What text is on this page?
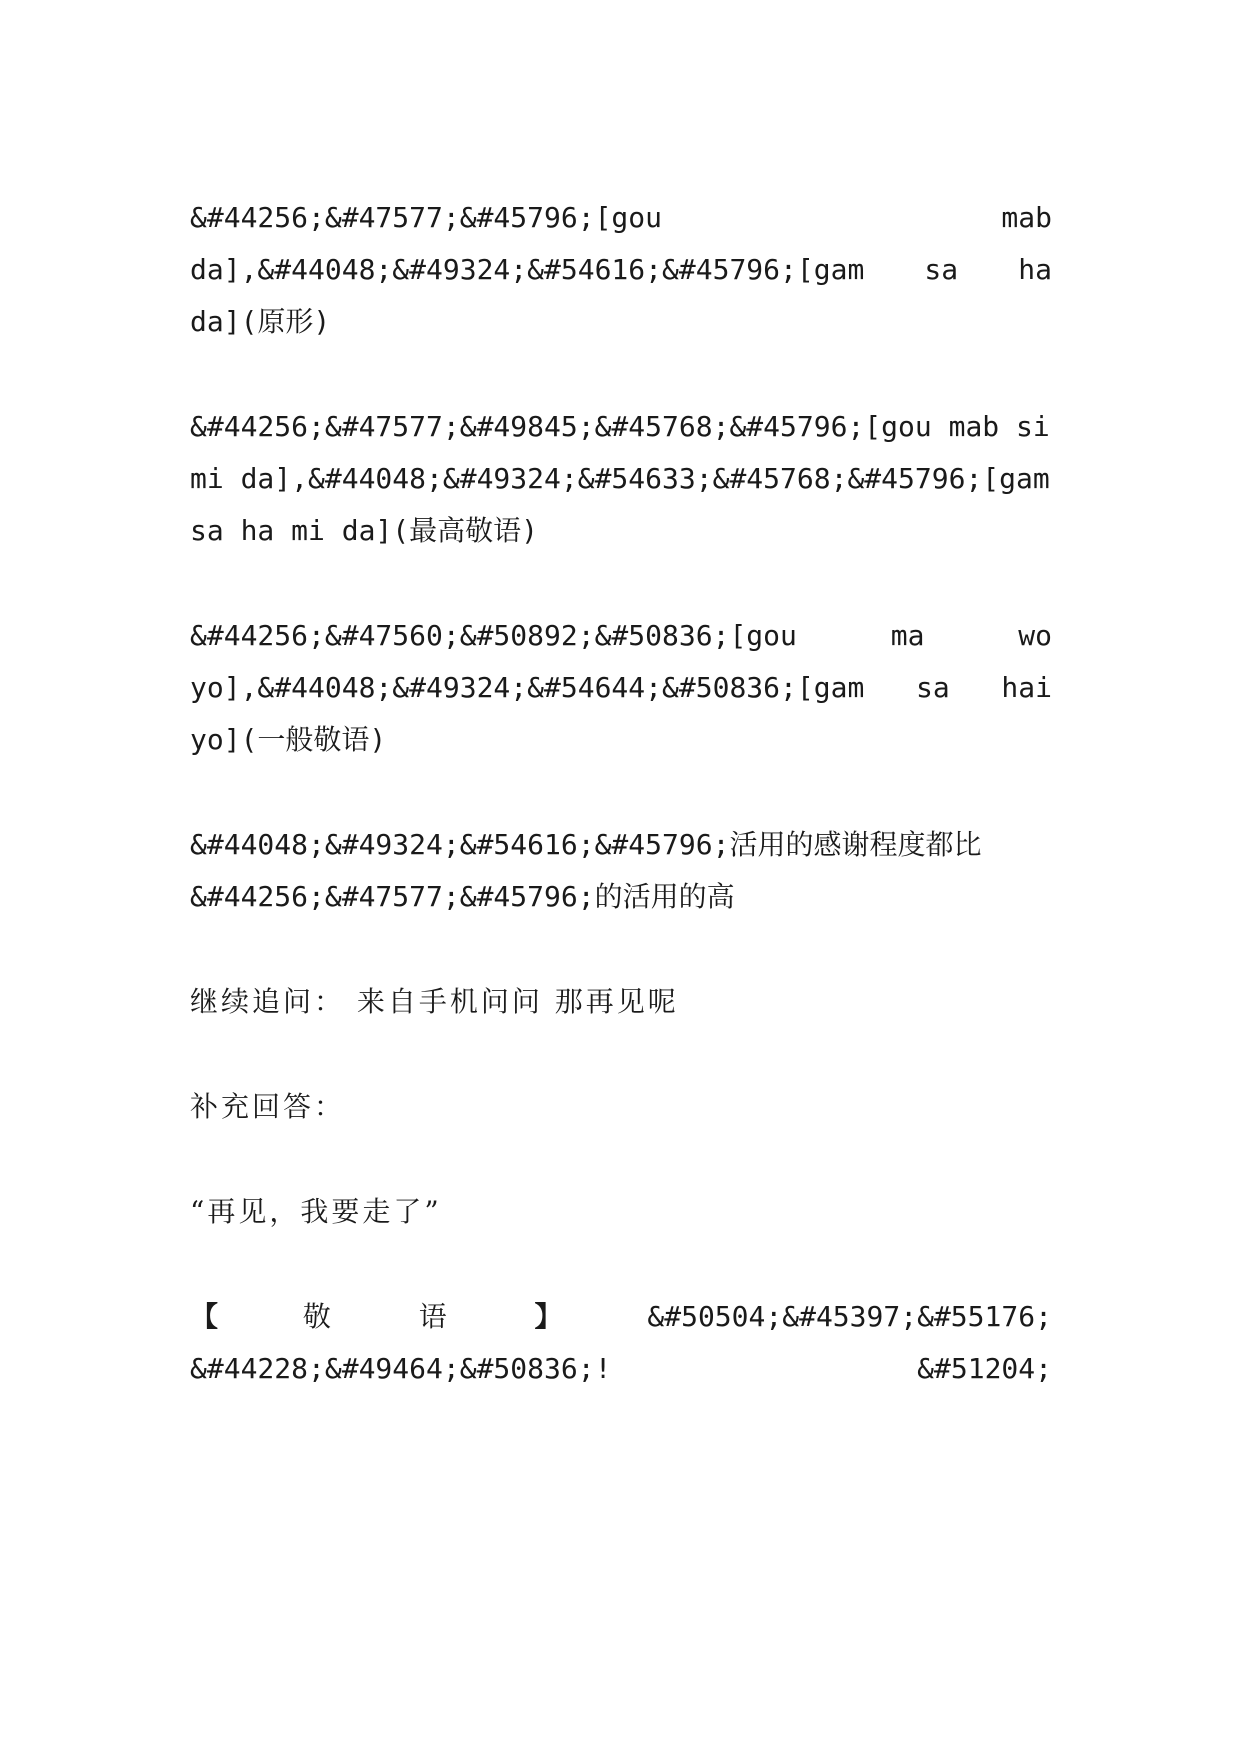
&#44256;&#47577;&#45796;[gou	mab
da],&#44048;&#49324;&#54616;&#45796;[gam sa ha
da](原形)
&#44256;&#47577;&#49845;&#45768;&#45796;[gou mab si
mi da],&#44048;&#49324;&#54633;&#45768;&#45796;[gam
sa ha mi da](最高敬语)
&#44256;&#47560;&#50892;&#50836;[gou	ma	wo
yo],&#44048;&#49324;&#54644;&#50836;[gam sa hai
yo](一般敬语)
&#44048;&#49324;&#54616;&#45796;活用的感谢程度都比
&#44256;&#47577;&#45796;的活用的高
继续追问： 来自手机问问 那再见呢
补充回答：
“再见，我要走了”
【	敬	语	】	&#50504;&#45397;&#55176;
&#44228;&#49464;&#50836;!	&#51204;
